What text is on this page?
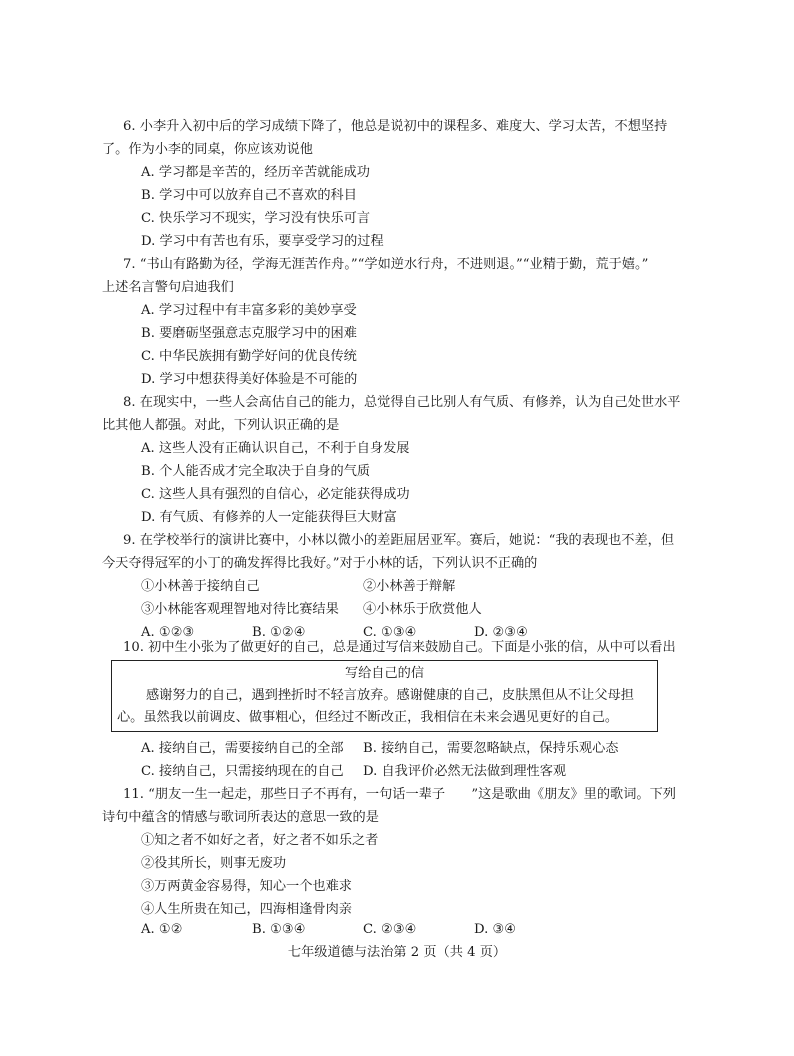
6. 小李升入初中后的学习成绩下降了，他总是说初中的课程多、难度大、学习太苦，不想坚持
了。作为小李的同桌，你应该劝说他
A. 学习都是辛苦的，经历辛苦就能成功
B. 学习中可以放弃自己不喜欢的科目
C. 快乐学习不现实，学习没有快乐可言
D. 学习中有苦也有乐，要享受学习的过程
7. “书山有路勤为径，学海无涯苦作舟。”“学如逆水行舟，不进则退。”“业精于勤，荒于嬉。”
上述名言警句启迪我们
A. 学习过程中有丰富多彩的美妙享受
B. 要磨砺坚强意志克服学习中的困难
C. 中华民族拥有勤学好问的优良传统
D. 学习中想获得美好体验是不可能的
8. 在现实中，一些人会高估自己的能力，总觉得自己比别人有气质、有修养，认为自己处世水平
比其他人都强。对此，下列认识正确的是
A. 这些人没有正确认识自己，不利于自身发展
B. 个人能否成才完全取决于自身的气质
C. 这些人具有强烈的自信心，必定能获得成功
D. 有气质、有修养的人一定能获得巨大财富
9. 在学校举行的演讲比赛中，小林以微小的差距屈居亚军。赛后，她说：“我的表现也不差，但
今天夺得冠军的小丁的确发挥得比我好。”对于小林的话，下列认识不正确的
①小林善于接纳自己	②小林善于辩解
③小林能客观理智地对待比赛结果 ④小林乐于欣赏他人
A. ①②③	B. ①②④	C. ①③④	D. ②③④
10. 初中生小张为了做更好的自己，总是通过写信来鼓励自己。下面是小张的信，从中可以看出
写给自己的信
感谢努力的自己，遇到挫折时不轻言放弃。感谢健康的自己，皮肤黑但从不让父母担
心。虽然我以前调皮、做事粗心，但经过不断改正，我相信在未来会遇见更好的自己。
A. 接纳自己，需要接纳自己的全部 B. 接纳自己，需要忽略缺点，保持乐观心态
C. 接纳自己，只需接纳现在的自己 D. 自我评价必然无法做到理性客观
11. “朋友一生一起走，那些日子不再有，一句话一辈子　　”这是歌曲《朋友》里的歌词。下列
诗句中蕴含的情感与歌词所表达的意思一致的是
①知之者不如好之者，好之者不如乐之者
②役其所长，则事无废功
③万两黄金容易得，知心一个也难求
④人生所贵在知己，四海相逢骨肉亲
A. ①②	B. ①③④	C. ②③④	D. ③④
七年级道德与法治第 2 页（共 4 页）
